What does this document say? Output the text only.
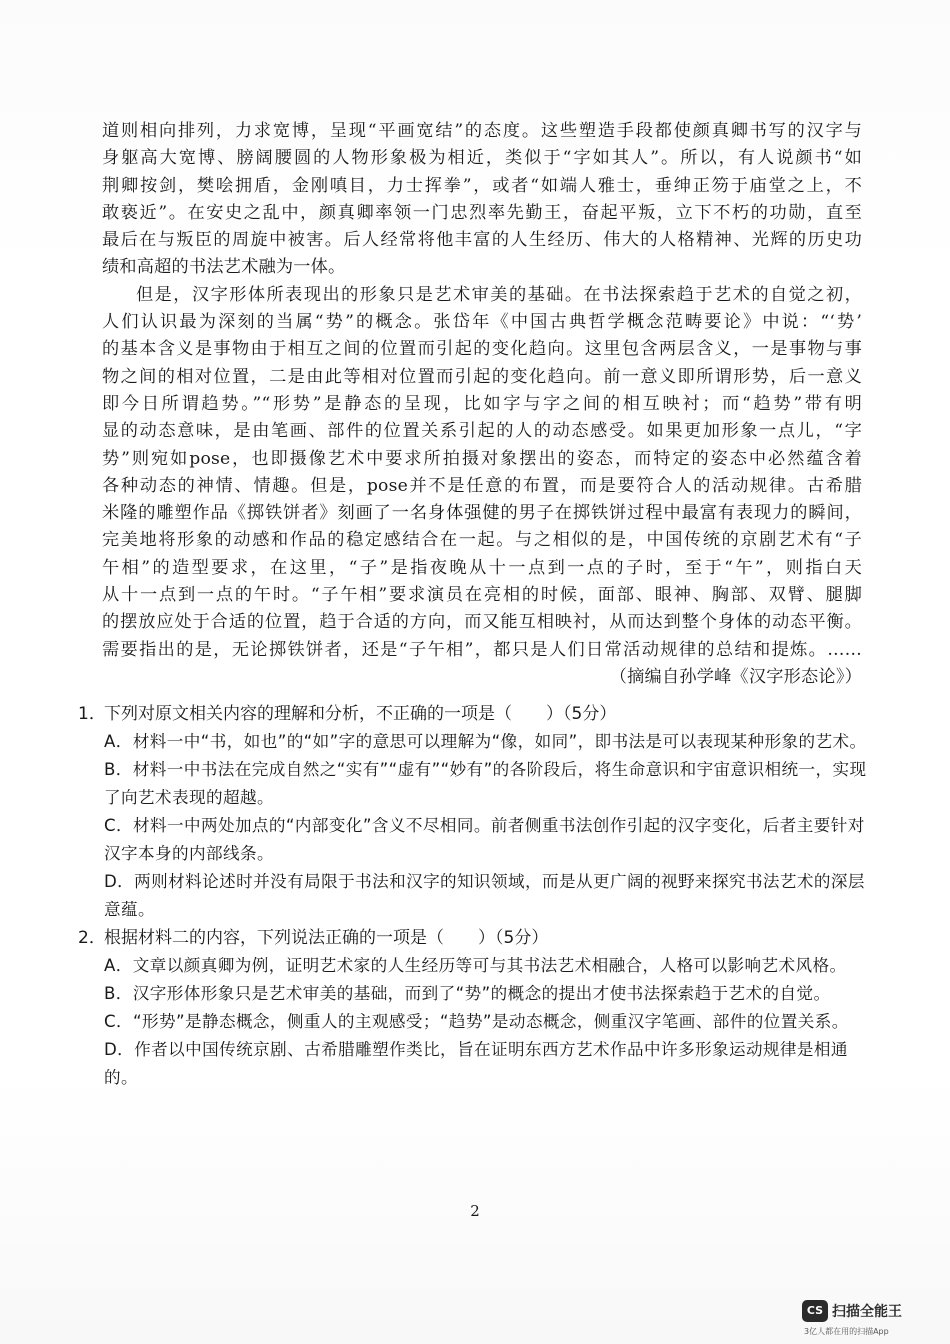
道则相向排列，力求宽博，呈现“平画宽结”的态度。这些塑造手段都使颜真卿书写的汉字与
身躯高大宽博、膀阔腰圆的人物形象极为相近，类似于“字如其人”。所以，有人说颜书“如
荆卿按剑，樊哙拥盾，金刚嗔目，力士挥拳”，或者“如端人雅士，垂绅正笏于庙堂之上，不
敢亵近”。在安史之乱中，颜真卿率领一门忠烈率先勤王，奋起平叛，立下不朽的功勋，直至
最后在与叛臣的周旋中被害。后人经常将他丰富的人生经历、伟大的人格精神、光辉的历史功
绩和高超的书法艺术融为一体。
但是，汉字形体所表现出的形象只是艺术审美的基础。在书法探索趋于艺术的自觉之初，
人们认识最为深刻的当属“势”的概念。张岱年《中国古典哲学概念范畴要论》中说：“‘势’
的基本含义是事物由于相互之间的位置而引起的变化趋向。这里包含两层含义，一是事物与事
物之间的相对位置，二是由此等相对位置而引起的变化趋向。前一意义即所谓形势，后一意义
即今日所谓趋势。”“形势”是静态的呈现，比如字与字之间的相互映衬；而“趋势”带有明
显的动态意味，是由笔画、部件的位置关系引起的人的动态感受。如果更加形象一点儿，“字
势”则宛如pose，也即摄像艺术中要求所拍摄对象摆出的姿态，而特定的姿态中必然蕴含着
各种动态的神情、情趣。但是，pose并不是任意的布置，而是要符合人的活动规律。古希腊
米隆的雕塑作品《掷铁饼者》刻画了一名身体强健的男子在掷铁饼过程中最富有表现力的瞬间，
完美地将形象的动感和作品的稳定感结合在一起。与之相似的是，中国传统的京剧艺术有“子
午相”的造型要求，在这里，“子”是指夜晚从十一点到一点的子时，至于“午”，则指白天
从十一点到一点的午时。“子午相”要求演员在亮相的时候，面部、眼神、胸部、双臂、腿脚
的摆放应处于合适的位置，趋于合适的方向，而又能互相映衬，从而达到整个身体的动态平衡。
需要指出的是，无论掷铁饼者，还是“子午相”，都只是人们日常活动规律的总结和提炼。……
（摘编自孙学峰《汉字形态论》）
1．下列对原文相关内容的理解和分析，不正确的一项是（　　）（5分）
A．材料一中“书，如也”的“如”字的意思可以理解为“像，如同”，即书法是可以表现某种形象的艺术。
B．材料一中书法在完成自然之“实有”“虚有”“妙有”的各阶段后，将生命意识和宇宙意识相统一，实现了向艺术表现的超越。
C．材料一中两处加点的“内部变化”含义不尽相同。前者侧重书法创作引起的汉字变化，后者主要针对汉字本身的内部线条。
D．两则材料论述时并没有局限于书法和汉字的知识领域，而是从更广阔的视野来探究书法艺术的深层意蕴。
2．根据材料二的内容，下列说法正确的一项是（　　）（5分）
A．文章以颜真卿为例，证明艺术家的人生经历等可与其书法艺术相融合，人格可以影响艺术风格。
B．汉字形体形象只是艺术审美的基础，而到了“势”的概念的提出才使书法探索趋于艺术的自觉。
C．“形势”是静态概念，侧重人的主观感受；“趋势”是动态概念，侧重汉字笔画、部件的位置关系。
D．作者以中国传统京剧、古希腊雕塑作类比，旨在证明东西方艺术作品中许多形象运动规律是相通的。
2
CS 扫描全能王
3亿人都在用的扫描App
